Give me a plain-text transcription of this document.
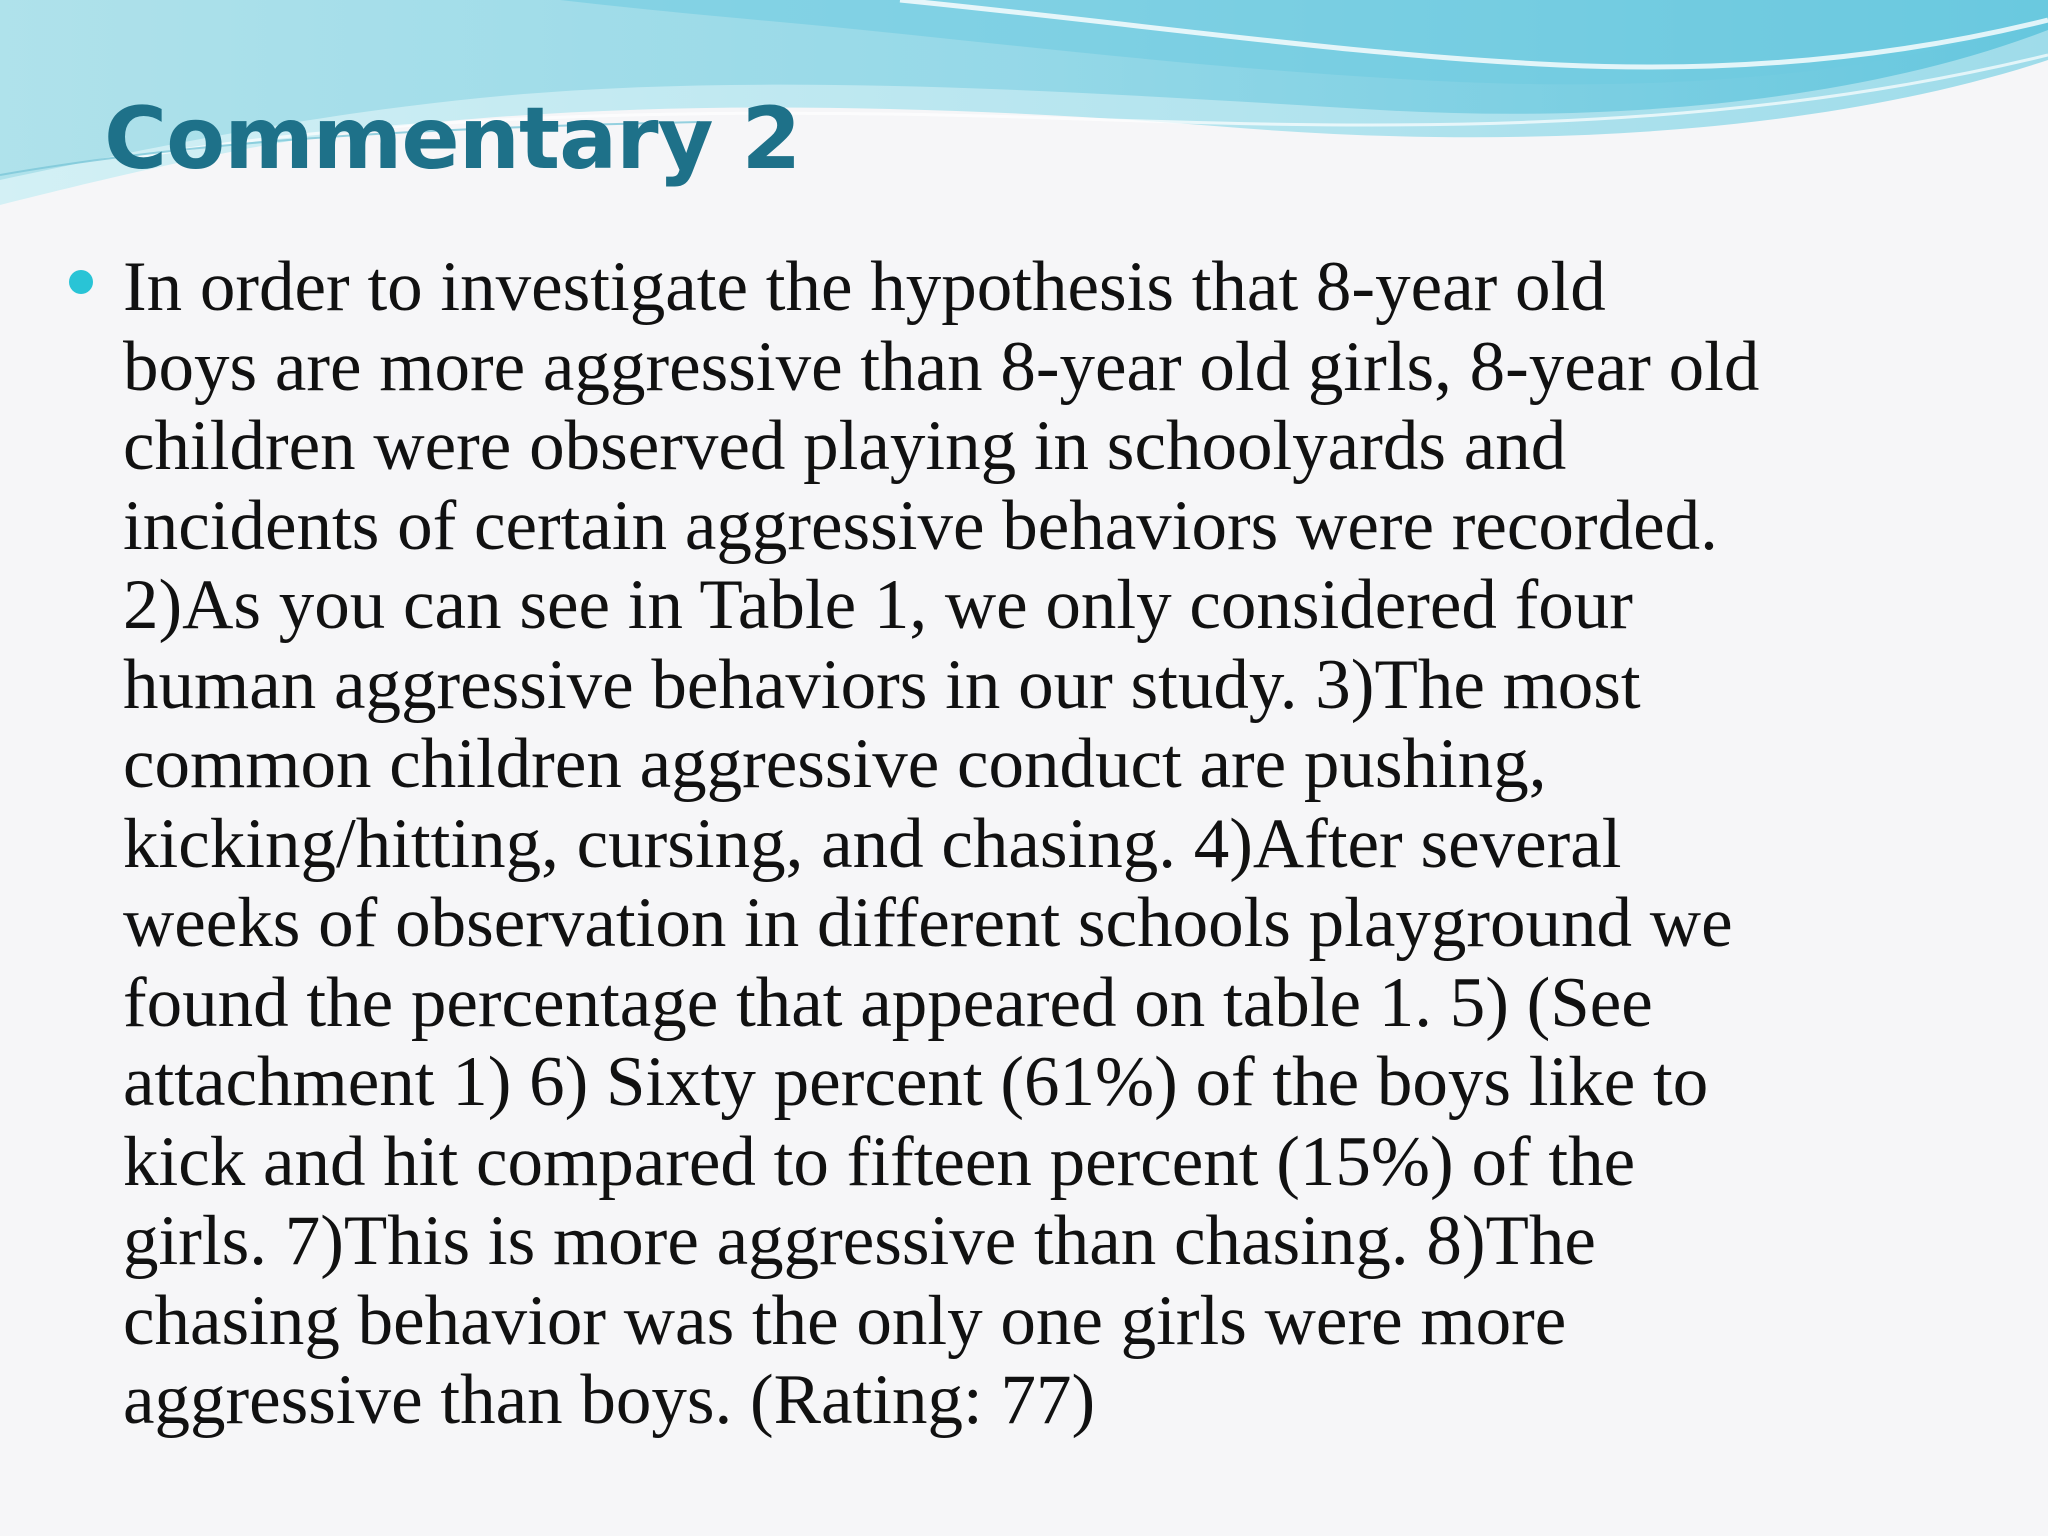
Commentary 2

In order to investigate the hypothesis that 8-year old
boys are more aggressive than 8-year old girls, 8-year old
children were observed playing in schoolyards and
incidents of certain aggressive behaviors were recorded.
2)As you can see in Table 1, we only considered four
human aggressive behaviors in our study. 3)The most
common children aggressive conduct are pushing,
kicking/hitting, cursing, and chasing. 4)After several
weeks of observation in different schools playground we
found the percentage that appeared on table 1. 5) (See
attachment 1) 6) Sixty percent (61%) of the boys like to
kick and hit compared to fifteen percent (15%) of the
girls. 7)This is more aggressive than chasing. 8)The
chasing behavior was the only one girls were more
aggressive than boys. (Rating: 77)
